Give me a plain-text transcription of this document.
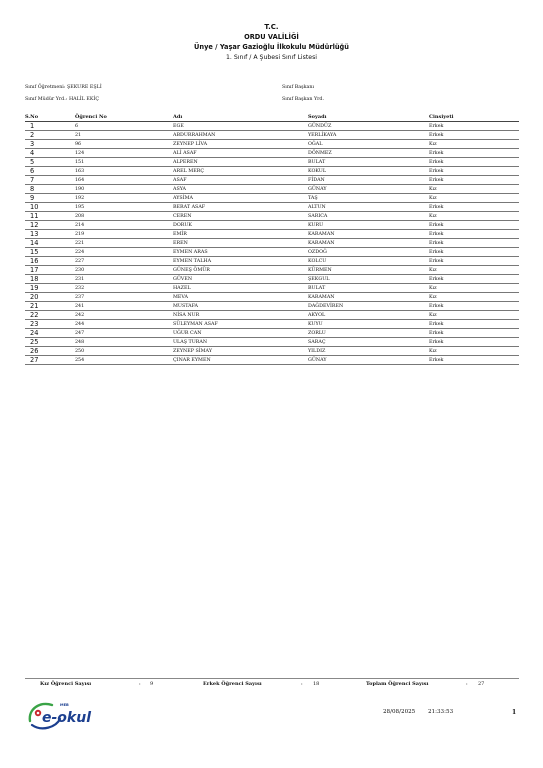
T.C.
ORDU VALİLİĞİ
Ünye / Yaşar Gazioğlu İlkokulu Müdürlüğü
1. Sınıf / A Şubesi Sınıf Listesi
Sınıf Öğretmeni: ŞEKURE EŞLİ
Sınıf Müdür Yrd.: HALİL EKİÇ
Sınıf Başkanı
Sınıf Başkan Yrd.
S.No	Öğrenci No	Adı	Soyadı	Cinsiyeti
1	6	EGE	GÜNDÜZ	Erkek
2	21	ABDURRAHMAN	YERLİKAYA	Erkek
3	96	ZEYNEP LİVA	OĞAL	Kız
4	124	ALİ ASAF	DÖNMEZ	Erkek
5	151	ALPEREN	BULAT	Erkek
6	163	AREL MERÇ	KOKUL	Erkek
7	164	ASAF	FİDAN	Erkek
8	190	ASYA	GÜNAY	Kız
9	192	AYSİMA	TAŞ	Kız
10	195	BERAT ASAF	ALTUN	Erkek
11	208	CEREN	SARICA	Kız
12	214	DORUK	KURU	Erkek
13	219	EMİR	KARAMAN	Erkek
14	221	EREN	KARAMAN	Erkek
15	224	EYMEN ARAS	OZDOĞ	Erkek
16	227	EYMEN TALHA	KOLCU	Erkek
17	230	GÜNEŞ ÖMÜR	KÜRMEN	Kız
18	231	GÜVEN	ŞEKGUL	Erkek
19	232	HAZEL	BULAT	Kız
20	237	MEVA	KARAMAN	Kız
21	241	MUSTAFA	DAĞDEVİREN	Erkek
22	242	NİSA NUR	AKYOL	Kız
23	244	SÜLEYMAN ASAF	KUYU	Erkek
24	247	UĞUR CAN	ZORLU	Erkek
25	248	ULAŞ TURAN	SARAÇ	Erkek
26	250	ZEYNEP SİMAY	YILDIZ	Kız
27	254	ÇINAR EYMEN	GÜNAY	Erkek
Kız Öğrenci Sayısı	: 9	Erkek Öğrenci Sayısı	: 18	Toplam Öğrenci Sayısı	: 27
MEB
e-okul	28/08/2025 21:33:53	1
